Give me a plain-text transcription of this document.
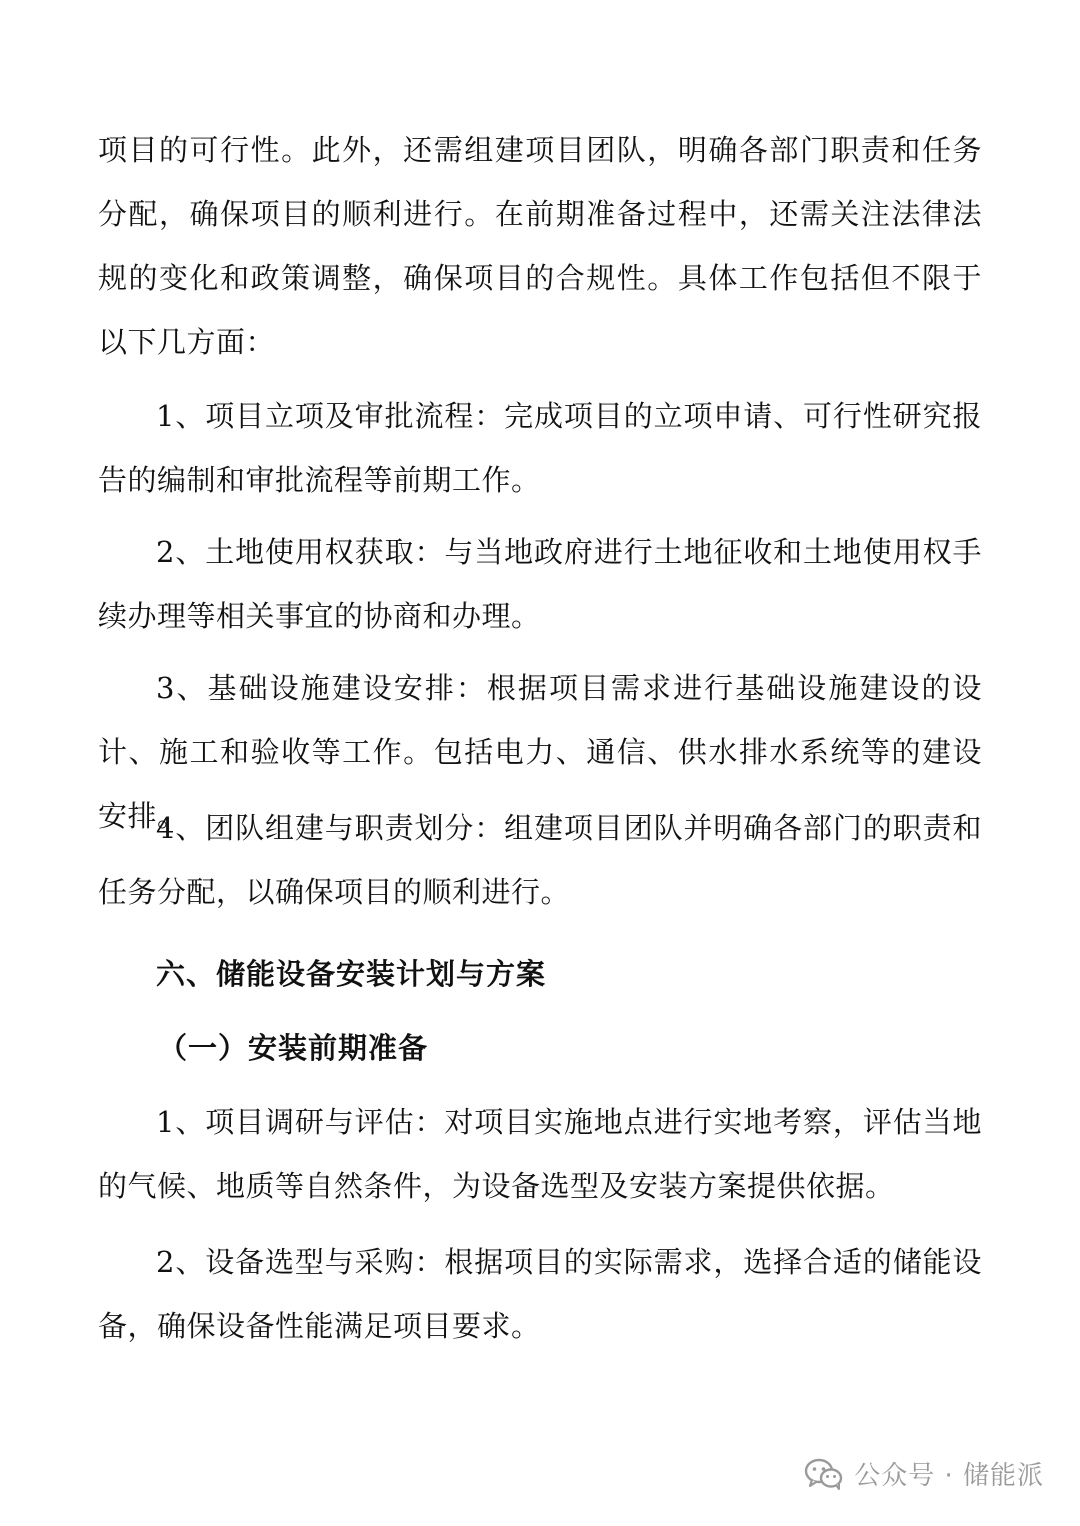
项目的可行性。此外，还需组建项目团队，明确各部门职责和任务分配，确保项目的顺利进行。在前期准备过程中，还需关注法律法规的变化和政策调整，确保项目的合规性。具体工作包括但不限于以下几方面：

1、项目立项及审批流程：完成项目的立项申请、可行性研究报告的编制和审批流程等前期工作。

2、土地使用权获取：与当地政府进行土地征收和土地使用权手续办理等相关事宜的协商和办理。

3、基础设施建设安排：根据项目需求进行基础设施建设的设计、施工和验收等工作。包括电力、通信、供水排水系统等的建设安排。

4、团队组建与职责划分：组建项目团队并明确各部门的职责和任务分配，以确保项目的顺利进行。

六、储能设备安装计划与方案
（一）安装前期准备

1、项目调研与评估：对项目实施地点进行实地考察，评估当地的气候、地质等自然条件，为设备选型及安装方案提供依据。

2、设备选型与采购：根据项目的实际需求，选择合适的储能设备，确保设备性能满足项目要求。

公众号 · 储能派
